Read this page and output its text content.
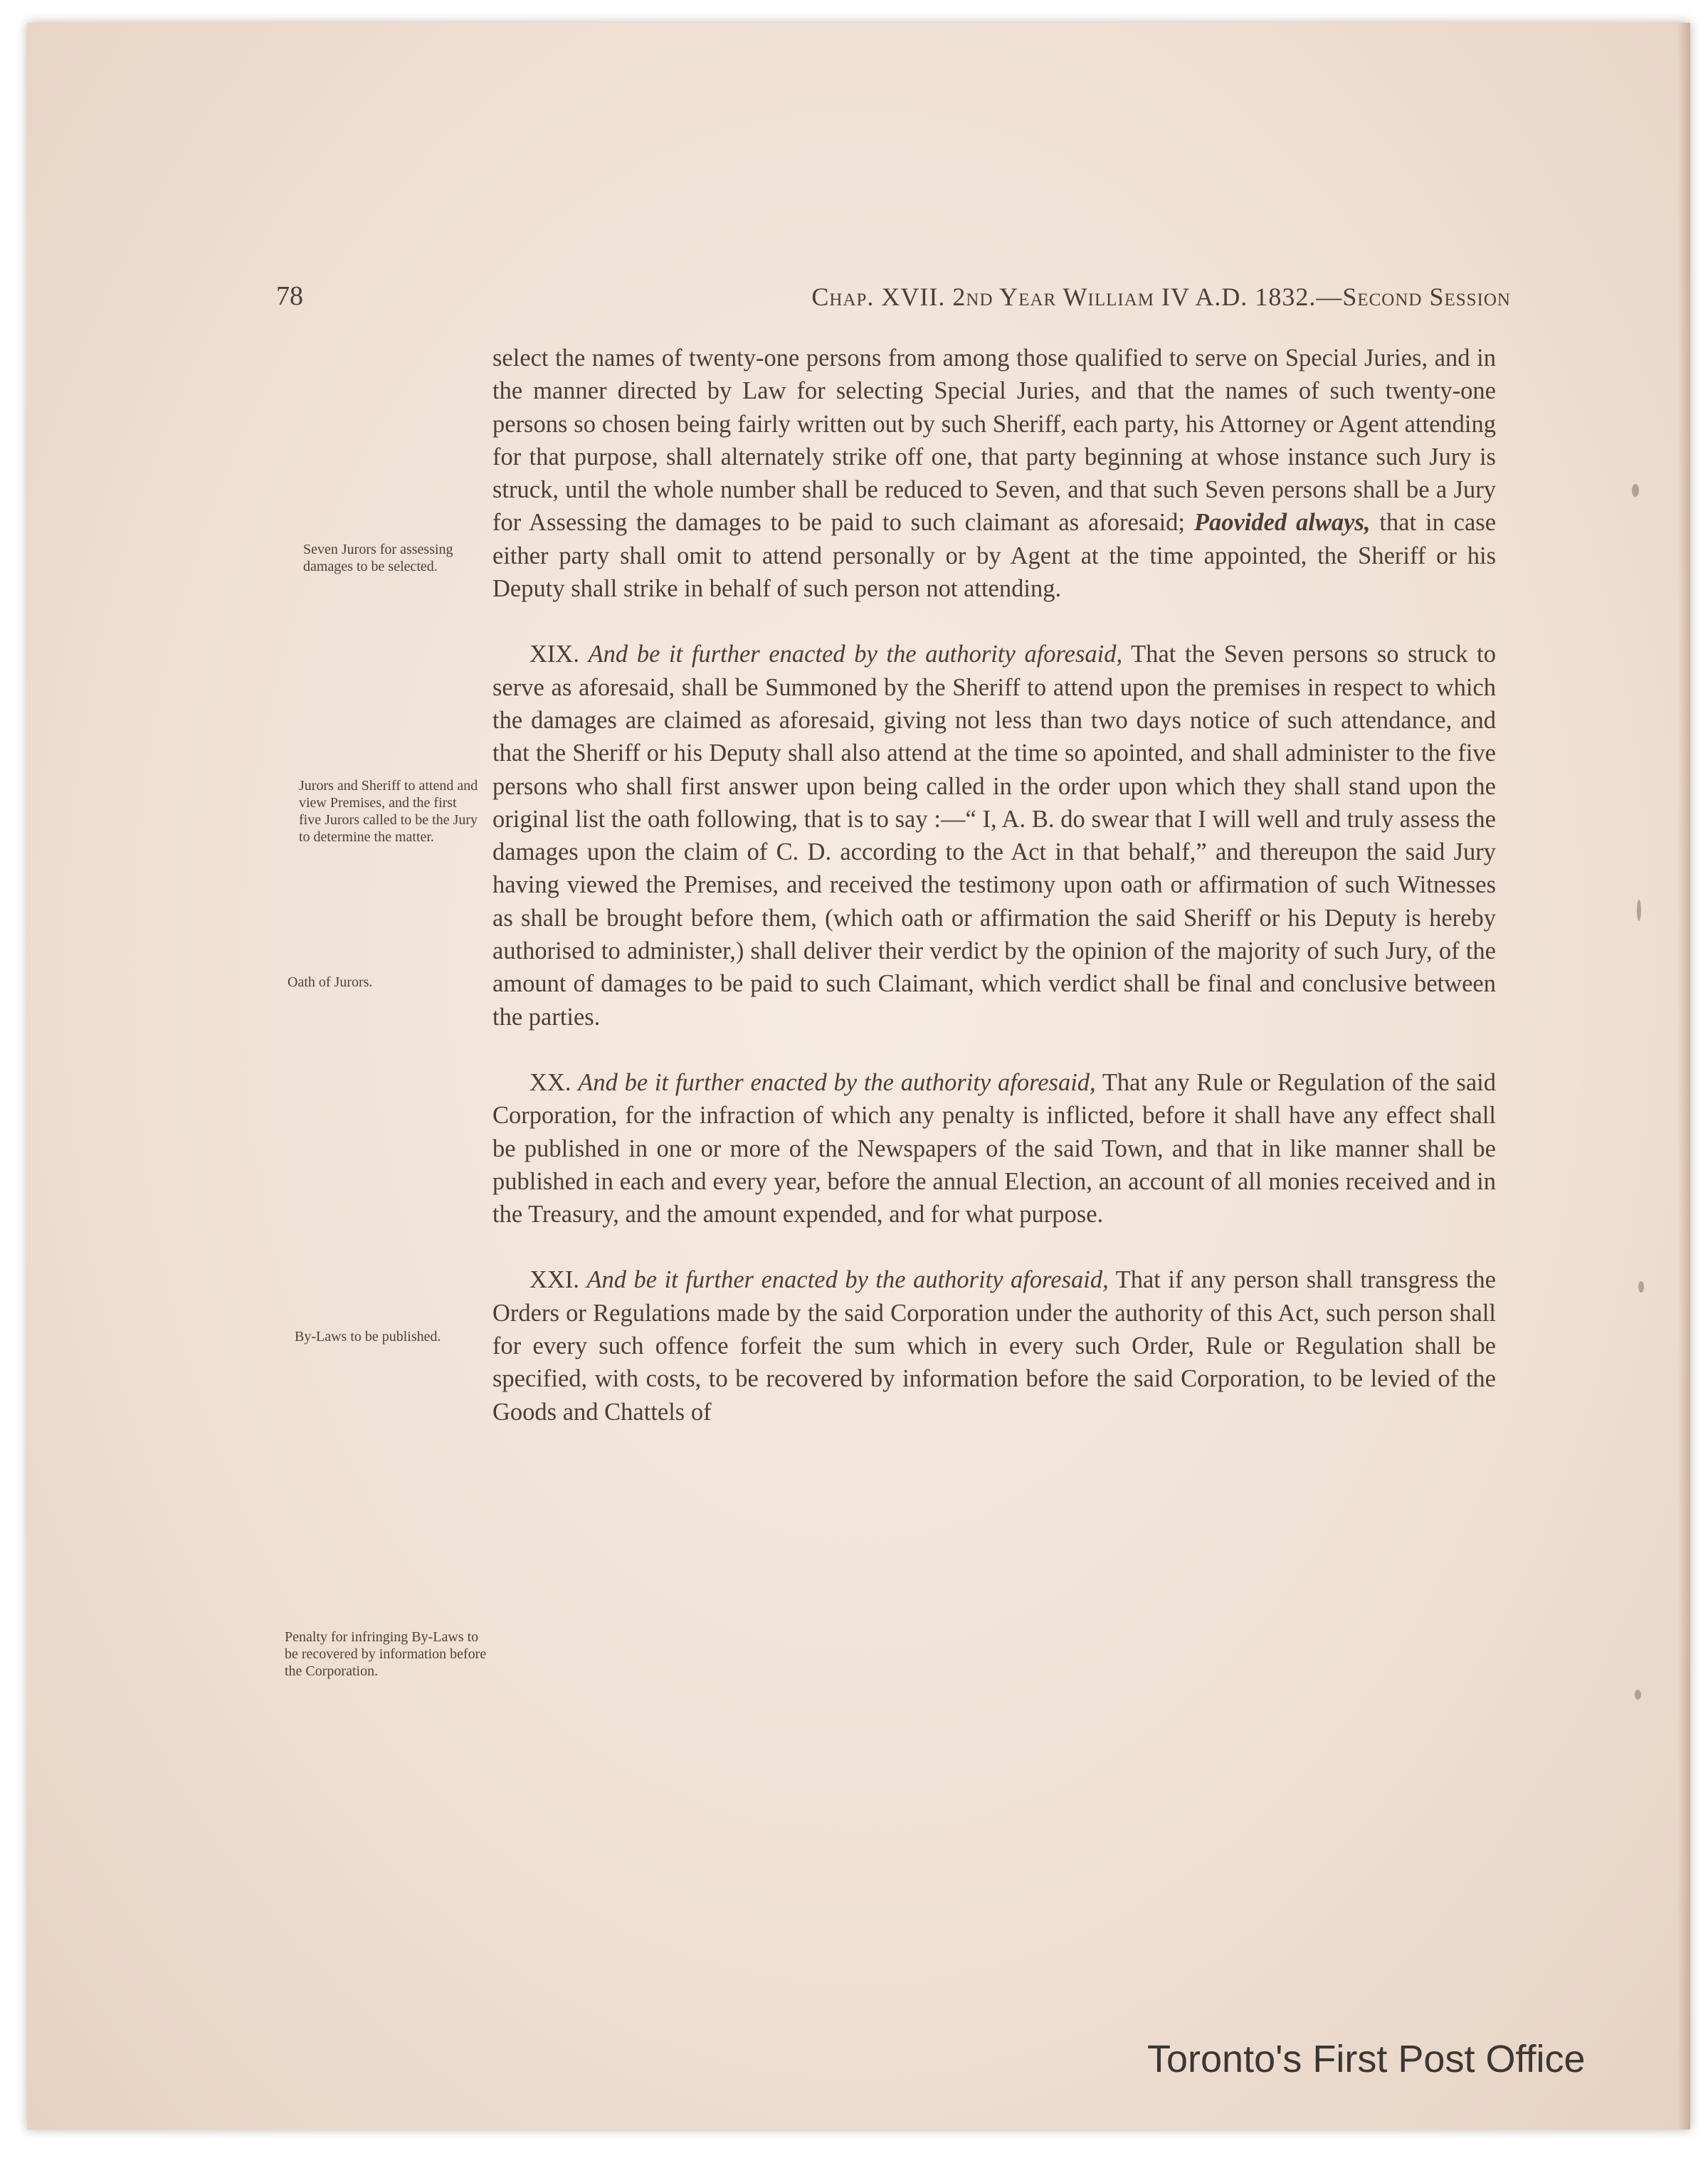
78	Chap. XVII. 2nd Year William IV A.D. 1832.—Second Session
Seven Jurors for assessing damages to be selected.
Jurors and Sheriff to attend and view Premises, and the first five Jurors called to be the Jury to determine the matter.
Oath of Jurors.
By-Laws to be published.
Penalty for infringing By-Laws to be recovered by information before the Corporation.

select the names of twenty-one persons from among those qualified to serve on Special Juries, and in the manner directed by Law for selecting Special Juries, and that the names of such twenty-one persons so chosen being fairly written out by such Sheriff, each party, his Attorney or Agent attending for that purpose, shall alternately strike off one, that party beginning at whose instance such Jury is struck, until the whole number shall be reduced to Seven, and that such Seven persons shall be a Jury for Assessing the damages to be paid to such claimant as aforesaid; Paovided always, that in case either party shall omit to attend personally or by Agent at the time appointed, the Sheriff or his Deputy shall strike in behalf of such person not attending.

XIX. And be it further enacted by the authority aforesaid, That the Seven persons so struck to serve as aforesaid, shall be Summoned by the Sheriff to attend upon the premises in respect to which the damages are claimed as aforesaid, giving not less than two days notice of such attendance, and that the Sheriff or his Deputy shall also attend at the time so apointed, and shall administer to the five persons who shall first answer upon being called in the order upon which they shall stand upon the original list the oath following, that is to say :—“ I, A. B. do swear that I will well and truly assess the damages upon the claim of C. D. according to the Act in that behalf,” and thereupon the said Jury having viewed the Premises, and received the testimony upon oath or affirmation of such Witnesses as shall be brought before them, (which oath or affirmation the said Sheriff or his Deputy is hereby authorised to administer,) shall deliver their verdict by the opinion of the majority of such Jury, of the amount of damages to be paid to such Claimant, which verdict shall be final and conclusive between the parties.

XX. And be it further enacted by the authority aforesaid, That any Rule or Regulation of the said Corporation, for the infraction of which any penalty is inflicted, before it shall have any effect shall be published in one or more of the Newspapers of the said Town, and that in like manner shall be published in each and every year, before the annual Election, an account of all monies received and in the Treasury, and the amount expended, and for what purpose.

XXI. And be it further enacted by the authority aforesaid, That if any person shall transgress the Orders or Regulations made by the said Corporation under the authority of this Act, such person shall for every such offence forfeit the sum which in every such Order, Rule or Regulation shall be specified, with costs, to be recovered by information before the said Corporation, to be levied of the Goods and Chattels of

Toronto's First Post Office
